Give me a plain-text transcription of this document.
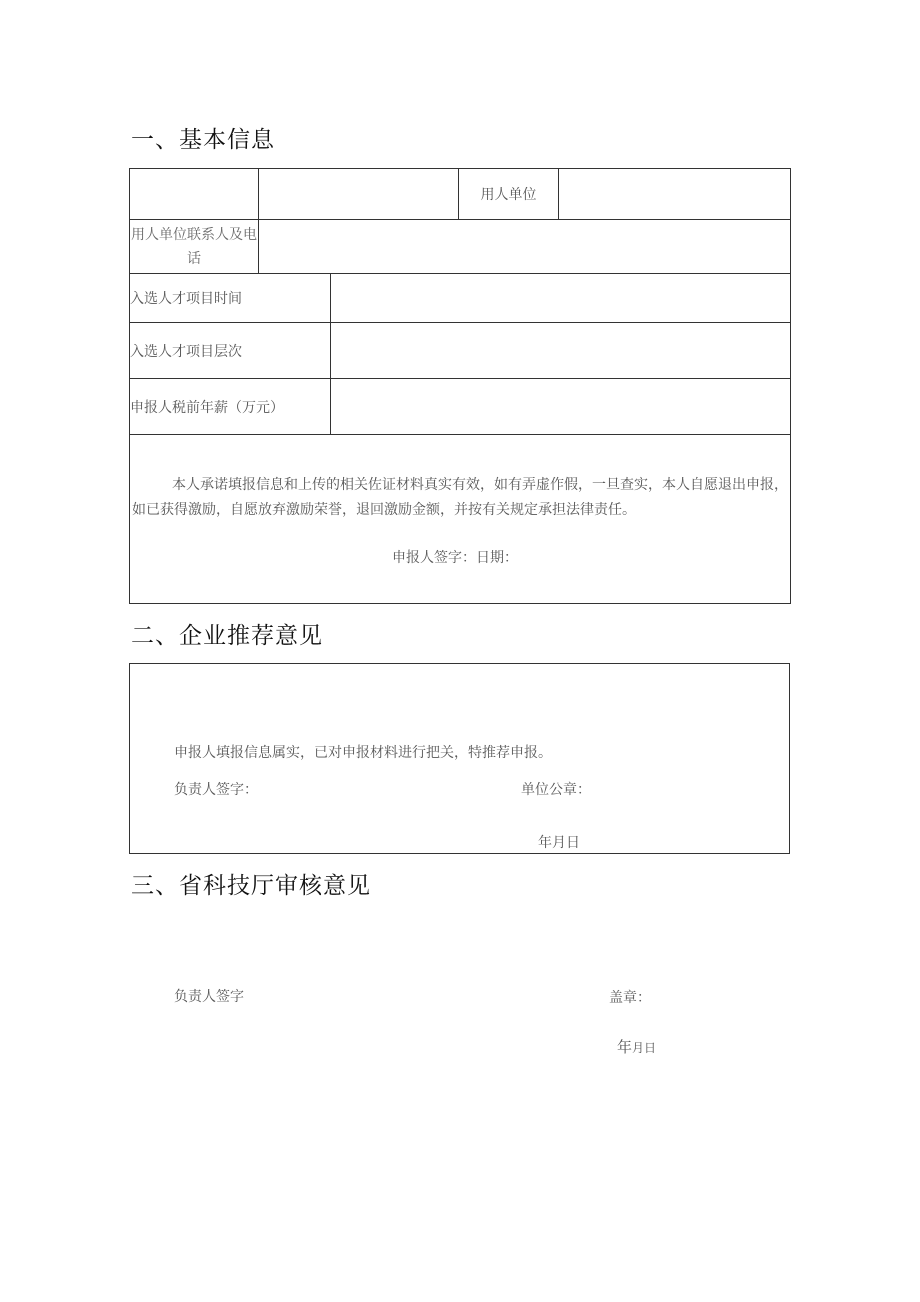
一、基本信息
			用人单位	
用人单位联系人及电话				
入选人才项目时间				
入选人才项目层次				
申报人税前年薪（万元）				

本人承诺填报信息和上传的相关佐证材料真实有效，如有弄虚作假，一旦查实，本人自愿退出申报，如已获得激励，自愿放弃激励荣誉，退回激励金额，并按有关规定承担法律责任。
申报人签字：日期：				
二、企业推荐意见
申报人填报信息属实，已对申报材料进行把关，特推荐申报。
负责人签字：	单位公章：
年月日
三、省科技厅审核意见
负责人签字	盖章：
年月日
